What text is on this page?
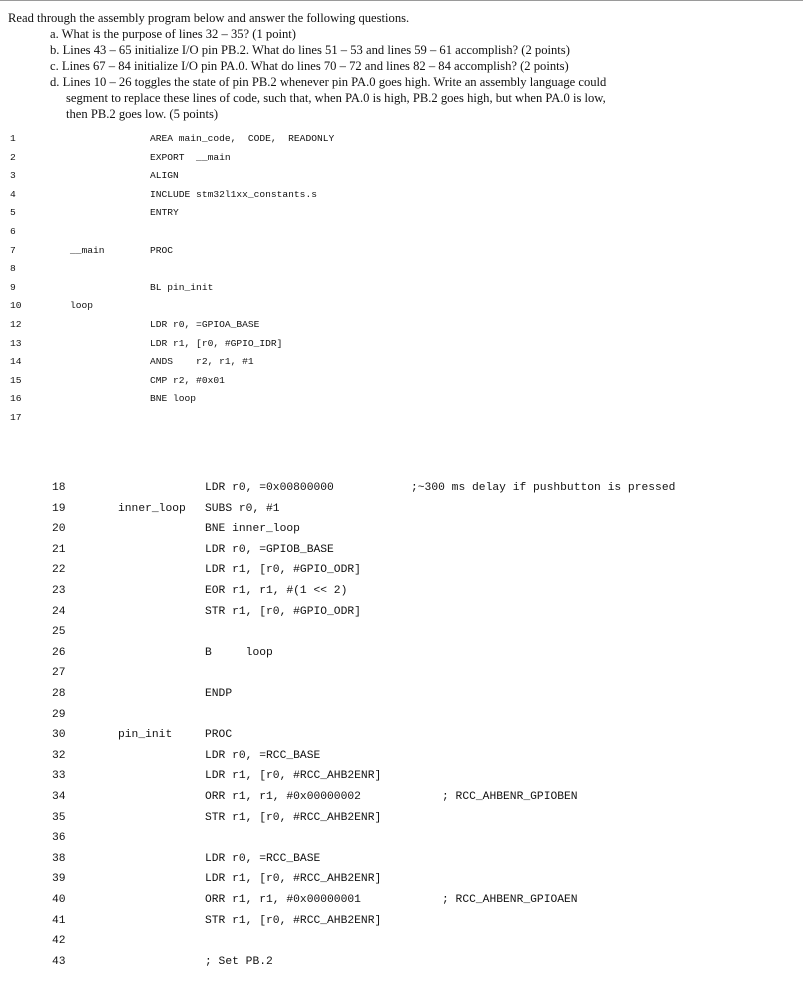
Read through the assembly program below and answer the following questions.
a. What is the purpose of lines 32 – 35? (1 point)
b. Lines 43 – 65 initialize I/O pin PB.2. What do lines 51 – 53 and lines 59 – 61 accomplish? (2 points)
c. Lines 67 – 84 initialize I/O pin PA.0. What do lines 70 – 72 and lines 82 – 84 accomplish? (2 points)
d. Lines 10 – 26 toggles the state of pin PB.2 whenever pin PA.0 goes high. Write an assembly language could
segment to replace these lines of code, such that, when PA.0 is high, PB.2 goes high, but when PA.0 is low,
then PB.2 goes low. (5 points)
1	AREA main_code,  CODE,  READONLY
2	EXPORT  __main
3	ALIGN
4	INCLUDE stm32l1xx_constants.s
5	ENTRY
6
7	__main	PROC
8
9	BL pin_init
10	loop
12	LDR r0, =GPIOA_BASE
13	LDR r1, [r0, #GPIO_IDR]
14	ANDS    r2, r1, #1
15	CMP r2, #0x01
16	BNE loop
17
18	LDR r0, =0x00800000	;~300 ms delay if pushbutton is pressed
19	inner_loop SUBS r0, #1
20	BNE inner_loop
21	LDR r0, =GPIOB_BASE
22	LDR r1, [r0, #GPIO_ODR]
23	EOR r1, r1, #(1 << 2)
24	STR r1, [r0, #GPIO_ODR]
25
26	B     loop
27
28	ENDP
29
30	pin_init	PROC
32	LDR r0, =RCC_BASE
33	LDR r1, [r0, #RCC_AHB2ENR]
34	ORR r1, r1, #0x00000002	; RCC_AHBENR_GPIOBEN
35	STR r1, [r0, #RCC_AHB2ENR]
36
38	LDR r0, =RCC_BASE
39	LDR r1, [r0, #RCC_AHB2ENR]
40	ORR r1, r1, #0x00000001	; RCC_AHBENR_GPIOAEN
41	STR r1, [r0, #RCC_AHB2ENR]
42
43	; Set PB.2
